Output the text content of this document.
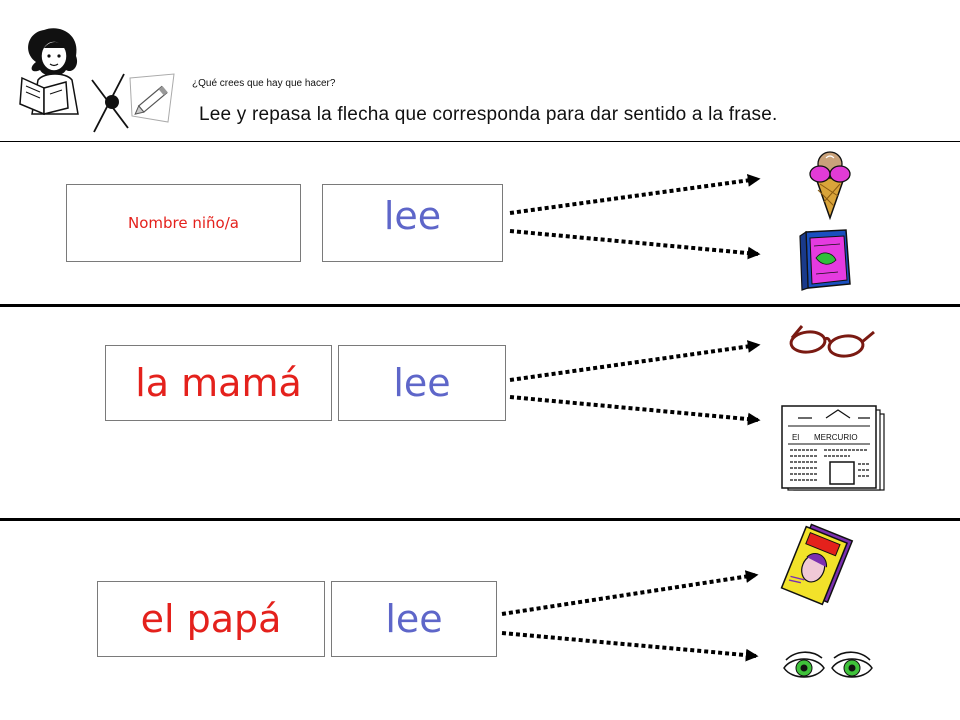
¿Qué crees que hay que hacer?
Lee y repasa la flecha que corresponda para dar sentido a la frase.
Nombre niño/a	lee
la mamá lee
el papá	lee
El MERCURIO
